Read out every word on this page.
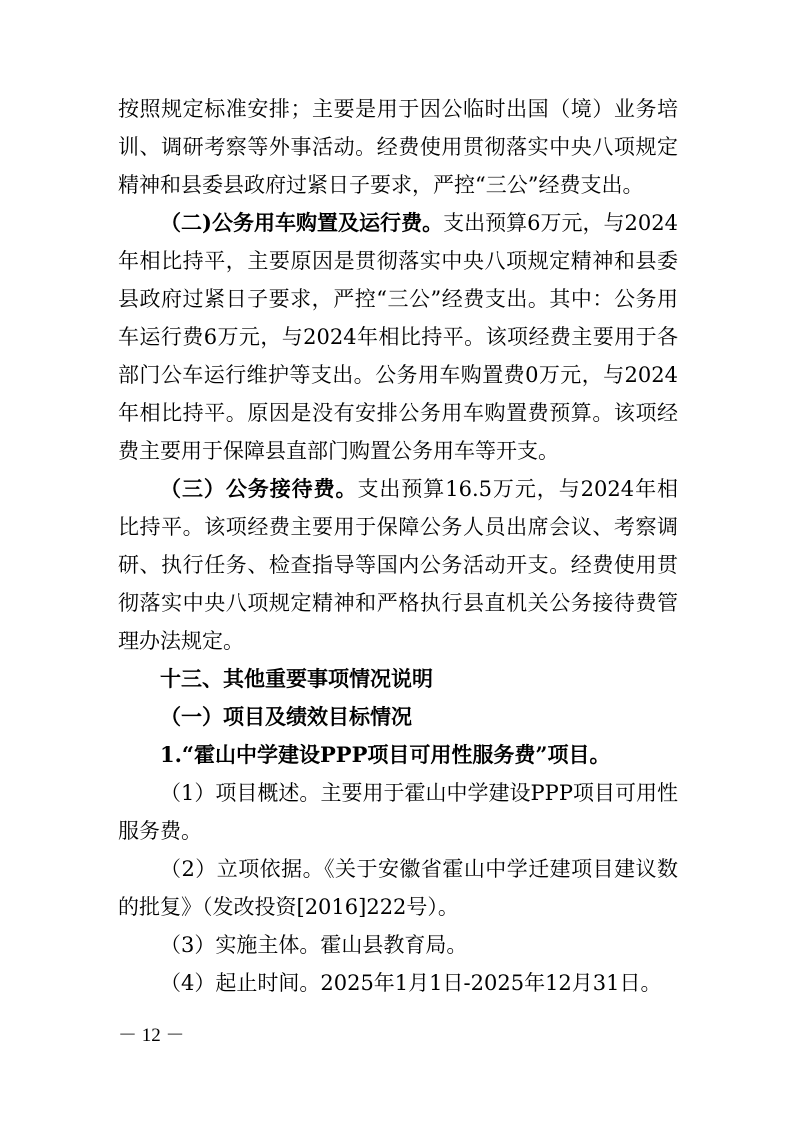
按照规定标准安排；主要是用于因公临时出国（境）业务培训、调研考察等外事活动。经费使用贯彻落实中央八项规定精神和县委县政府过紧日子要求，严控“三公”经费支出。

（二)公务用车购置及运行费。支出预算6万元，与2024年相比持平，主要原因是贯彻落实中央八项规定精神和县委县政府过紧日子要求，严控“三公”经费支出。其中：公务用车运行费6万元，与2024年相比持平。该项经费主要用于各部门公车运行维护等支出。公务用车购置费0万元，与2024年相比持平。原因是没有安排公务用车购置费预算。该项经费主要用于保障县直部门购置公务用车等开支。

（三）公务接待费。支出预算16.5万元，与2024年相比持平。该项经费主要用于保障公务人员出席会议、考察调研、执行任务、检查指导等国内公务活动开支。经费使用贯彻落实中央八项规定精神和严格执行县直机关公务接待费管理办法规定。

十三、其他重要事项情况说明

（一）项目及绩效目标情况

1.“霍山中学建设PPP项目可用性服务费”项目。

（1）项目概述。主要用于霍山中学建设PPP项目可用性服务费。

（2）立项依据。《关于安徽省霍山中学迁建项目建议数的批复》（发改投资[2016]222号）。

（3）实施主体。霍山县教育局。

（4）起止时间。2025年1月1日-2025年12月31日。

－ 12 －
